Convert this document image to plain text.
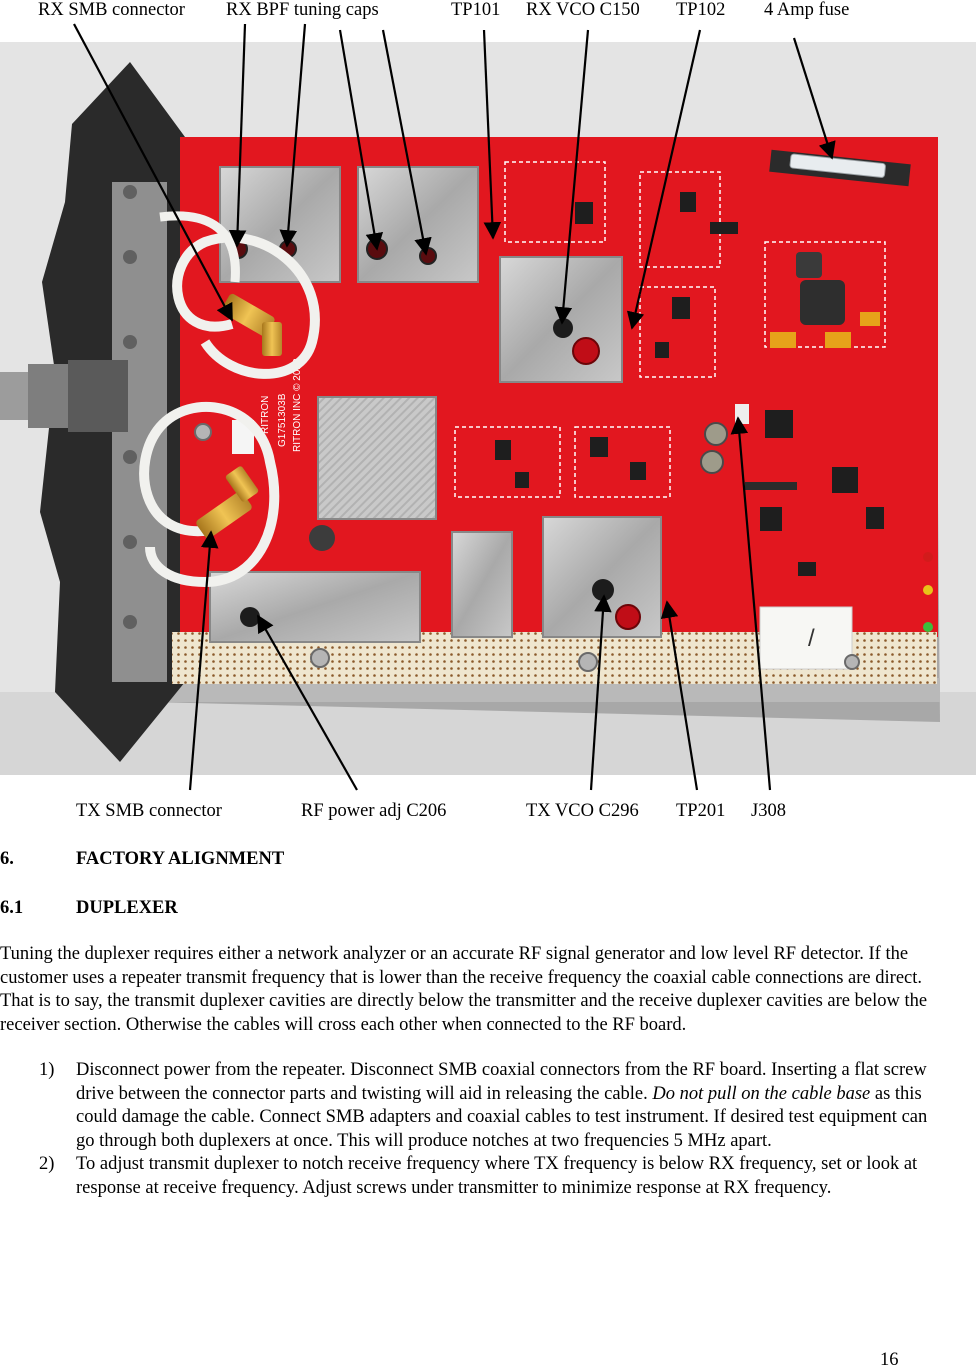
RX SMB connector RX BPF tuning caps	TP101 RX VCO C150 TP102 4 Amp fuse
/
RITRON G1751303B RITRON INC © 2018
TX SMB connector	RF power adj C206	TX VCO C296 TP201 J308
6.	FACTORY ALIGNMENT
6.1	DUPLEXER

Tuning the duplexer requires either a network analyzer or an accurate RF signal generator and low level RF detector. If the customer uses a repeater transmit frequency that is lower than the receive frequency the coaxial cable connections are direct. That is to say, the transmit duplexer cavities are directly below the transmitter and the receive duplexer cavities are below the receiver section. Otherwise the cables will cross each other when connected to the RF board.

1) Disconnect power from the repeater. Disconnect SMB coaxial connectors from the RF board. Inserting a flat screw drive between the connector parts and twisting will aid in releasing the cable. Do not pull on the cable base as this could damage the cable. Connect SMB adapters and coaxial cables to test instrument. If desired test equipment can go through both duplexers at once. This will produce notches at two frequencies 5 MHz apart.

2) To adjust transmit duplexer to notch receive frequency where TX frequency is below RX frequency, set or look at response at receive frequency. Adjust screws under transmitter to minimize response at RX frequency.

16
